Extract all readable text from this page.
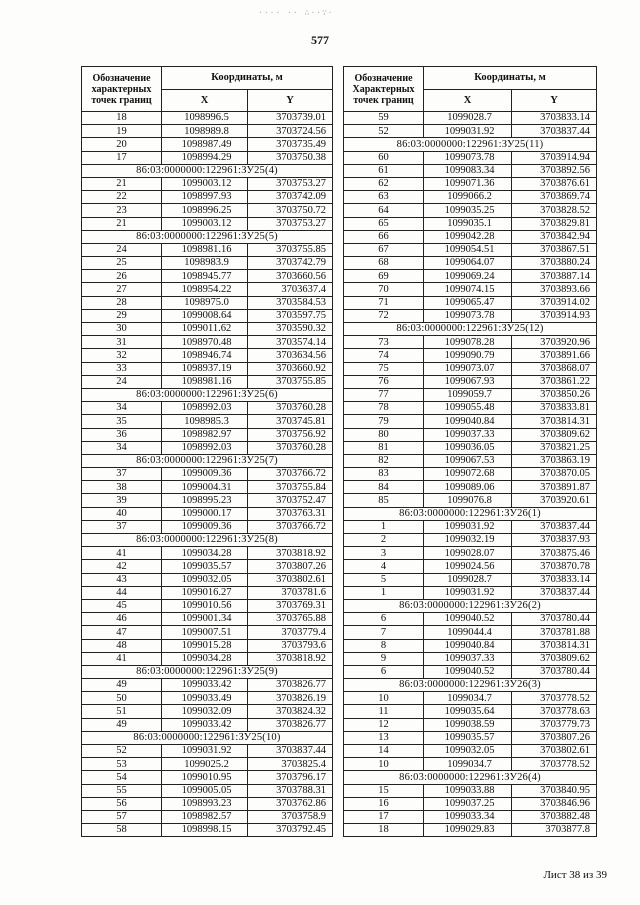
···· ·· ∴··∵·
577
Обозначение характерных точек границ	Координаты, м	
	X	Y
18	1098996.5	3703739.01
19	1098989.8	3703724.56
20	1098987.49	3703735.49
17	1098994.29	3703750.38
86:03:0000000:122961:ЗУ25(4)		
21	1099003.12	3703753.27
22	1098997.93	3703742.09
23	1098996.25	3703750.72
21	1099003.12	3703753.27
86:03:0000000:122961:ЗУ25(5)		
24	1098981.16	3703755.85
25	1098983.9	3703742.79
26	1098945.77	3703660.56
27	1098954.22	3703637.4
28	1098975.0	3703584.53
29	1099008.64	3703597.75
30	1099011.62	3703590.32
31	1098970.48	3703574.14
32	1098946.74	3703634.56
33	1098937.19	3703660.92
24	1098981.16	3703755.85
86:03:0000000:122961:ЗУ25(6)		
34	1098992.03	3703760.28
35	1098985.3	3703745.81
36	1098982.97	3703756.92
34	1098992.03	3703760.28
86:03:0000000:122961:ЗУ25(7)		
37	1099009.36	3703766.72
38	1099004.31	3703755.84
39	1098995.23	3703752.47
40	1099000.17	3703763.31
37	1099009.36	3703766.72
86:03:0000000:122961:ЗУ25(8)		
41	1099034.28	3703818.92
42	1099035.57	3703807.26
43	1099032.05	3703802.61
44	1099016.27	3703781.6
45	1099010.56	3703769.31
46	1099001.34	3703765.88
47	1099007.51	3703779.4
48	1099015.28	3703793.6
41	1099034.28	3703818.92
86:03:0000000:122961:ЗУ25(9)		
49	1099033.42	3703826.77
50	1099033.49	3703826.19
51	1099032.09	3703824.32
49	1099033.42	3703826.77
86:03:0000000:122961:ЗУ25(10)		
52	1099031.92	3703837.44
53	1099025.2	3703825.4
54	1099010.95	3703796.17
55	1099005.05	3703788.31
56	1098993.23	3703762.86
57	1098982.57	3703758.9
58	1098998.15	3703792.45
Обозначение Характерных точек границ	Координаты, м	
	X	Y
59	1099028.7	3703833.14
52	1099031.92	3703837.44
86:03:0000000:122961:ЗУ25(11)		
60	1099073.78	3703914.94
61	1099083.34	3703892.56
62	1099071.36	3703876.61
63	1099066.2	3703869.74
64	1099035.25	3703828.52
65	1099035.1	3703829.81
66	1099042.28	3703842.94
67	1099054.51	3703867.51
68	1099064.07	3703880.24
69	1099069.24	3703887.14
70	1099074.15	3703893.66
71	1099065.47	3703914.02
72	1099073.78	3703914.93
86:03:0000000:122961:ЗУ25(12)		
73	1099078.28	3703920.96
74	1099090.79	3703891.66
75	1099073.07	3703868.07
76	1099067.93	3703861.22
77	1099059.7	3703850.26
78	1099055.48	3703833.81
79	1099040.84	3703814.31
80	1099037.33	3703809.62
81	1099036.05	3703821.25
82	1099067.53	3703863.19
83	1099072.68	3703870.05
84	1099089.06	3703891.87
85	1099076.8	3703920.61
86:03:0000000:122961:ЗУ26(1)		
1	1099031.92	3703837.44
2	1099032.19	3703837.93
3	1099028.07	3703875.46
4	1099024.56	3703870.78
5	1099028.7	3703833.14
1	1099031.92	3703837.44
86:03:0000000:122961:ЗУ26(2)		
6	1099040.52	3703780.44
7	1099044.4	3703781.88
8	1099040.84	3703814.31
9	1099037.33	3703809.62
6	1099040.52	3703780.44
86:03:0000000:122961:ЗУ26(3)		
10	1099034.7	3703778.52
11	1099035.64	3703778.63
12	1099038.59	3703779.73
13	1099035.57	3703807.26
14	1099032.05	3703802.61
10	1099034.7	3703778.52
86:03:0000000:122961:ЗУ26(4)		
15	1099033.88	3703840.95
16	1099037.25	3703846.96
17	1099033.34	3703882.48
18	1099029.83	3703877.8
Лист 38 из 39
